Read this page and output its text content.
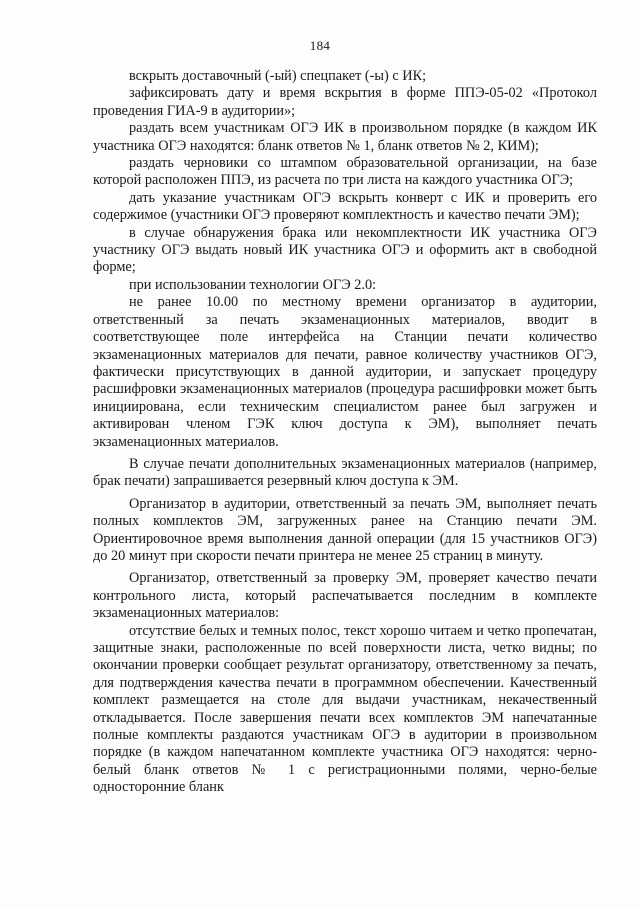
184

вскрыть доставочный (-ый) спецпакет (-ы) с ИК;

зафиксировать дату и время вскрытия в форме ППЭ-05-02 «Протокол проведения ГИА-9 в аудитории»;

раздать всем участникам ОГЭ ИК в произвольном порядке (в каждом ИК участника ОГЭ находятся: бланк ответов № 1, бланк ответов № 2, КИМ);

раздать черновики со штампом образовательной организации, на базе которой расположен ППЭ, из расчета по три листа на каждого участника ОГЭ;

дать указание участникам ОГЭ вскрыть конверт с ИК и проверить его содержимое (участники ОГЭ проверяют комплектность и качество печати ЭМ);

в случае обнаружения брака или некомплектности ИК участника ОГЭ участнику ОГЭ выдать новый ИК участника ОГЭ и оформить акт в свободной форме;

при использовании технологии ОГЭ 2.0:

не ранее 10.00 по местному времени организатор в аудитории, ответственный за печать экзаменационных материалов, вводит в соответствующее поле интерфейса на Станции печати количество экзаменационных материалов для печати, равное количеству участников ОГЭ, фактически присутствующих в данной аудитории, и запускает процедуру расшифровки экзаменационных материалов (процедура расшифровки может быть инициирована, если техническим специалистом ранее был загружен и активирован членом ГЭК ключ доступа к ЭМ), выполняет печать экзаменационных материалов.

В случае печати дополнительных экзаменационных материалов (например, брак печати) запрашивается резервный ключ доступа к ЭМ.

Организатор в аудитории, ответственный за печать ЭМ, выполняет печать полных комплектов ЭМ, загруженных ранее на Станцию печати ЭМ. Ориентировочное время выполнения данной операции (для 15 участников ОГЭ) до 20 минут при скорости печати принтера не менее 25 страниц в минуту.

Организатор, ответственный за проверку ЭМ, проверяет качество печати контрольного листа, который распечатывается последним в комплекте экзаменационных материалов:

отсутствие белых и темных полос, текст хорошо читаем и четко пропечатан, защитные знаки, расположенные по всей поверхности листа, четко видны; по окончании проверки сообщает результат организатору, ответственному за печать, для подтверждения качества печати в программном обеспечении. Качественный комплект размещается на столе для выдачи участникам, некачественный откладывается. После завершения печати всех комплектов ЭМ напечатанные полные комплекты раздаются участникам ОГЭ в аудитории в произвольном порядке (в каждом напечатанном комплекте участника ОГЭ находятся: черно-белый бланк ответов № 1 с регистрационными полями, черно-белые односторонние бланк
